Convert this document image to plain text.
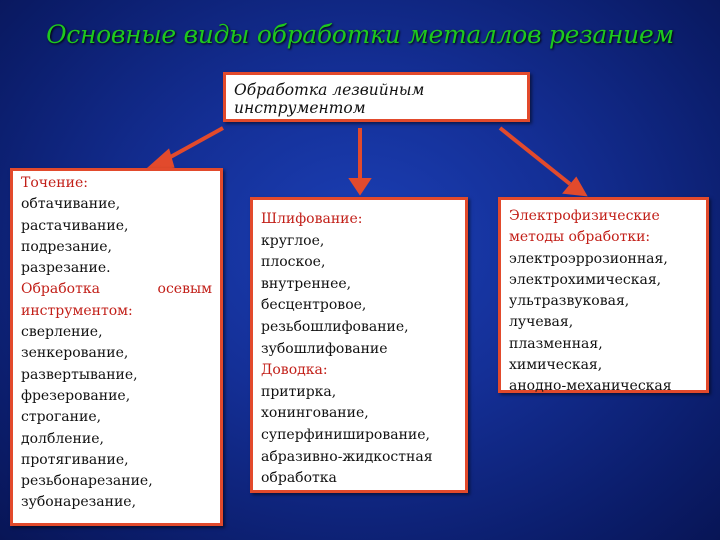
Основные виды обработки металлов резанием
Обработка лезвийным инструментом
Точение:
обтачивание,
растачивание,
подрезание,
разрезание.
Обработка	осевым
инструментом:
сверление,
зенкерование,
развертывание,
фрезерование,
строгание,
долбление,
протягивание,
резьбонарезание,
зубонарезание,
Шлифование:
круглое,
плоское,
внутреннее,
бесцентровое,
резьбошлифование,
зубошлифование
Доводка:
притирка,
хонингование,
суперфиниширование,
абразивно-жидкостная
обработка
Электрофизические
методы обработки:
электроэррозионная,
электрохимическая,
ультразвуковая,
лучевая,
плазменная,
химическая,
анодно-механическая
